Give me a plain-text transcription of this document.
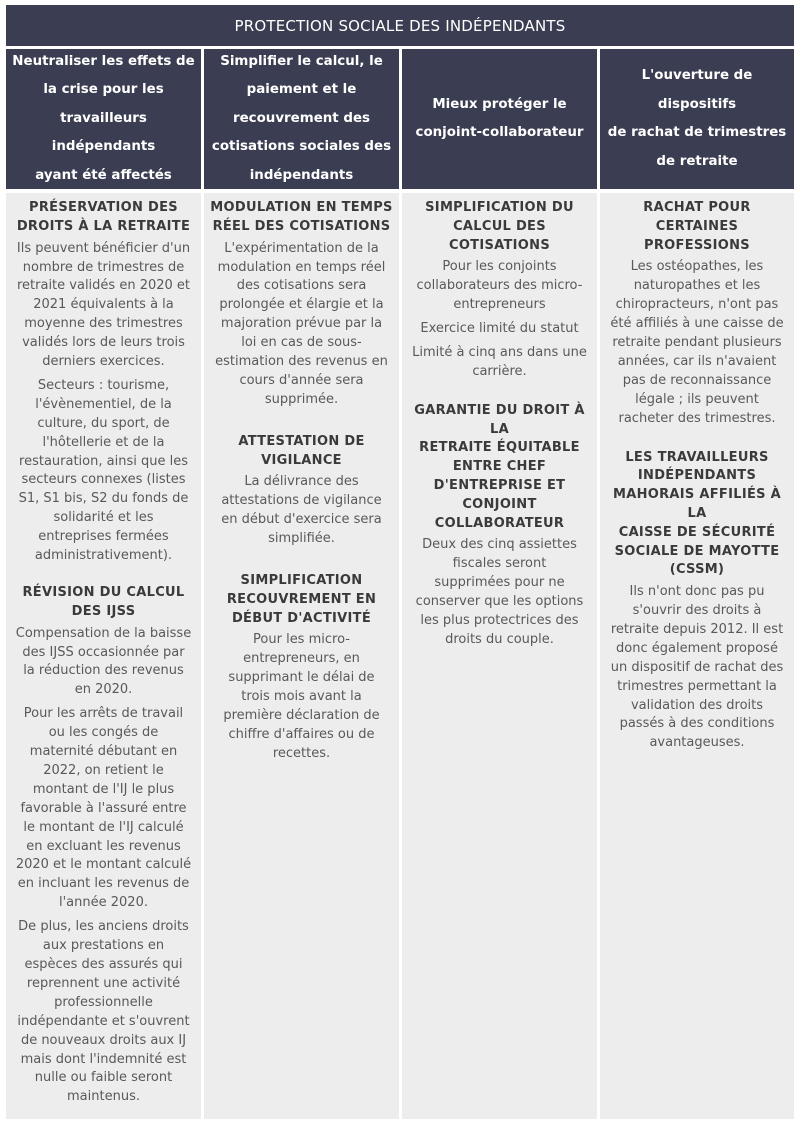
PROTECTION SOCIALE DES INDÉPENDANTS
Neutraliser les effets de
la crise pour les
travailleurs indépendants
ayant été affectés
PRÉSERVATION DES
DROITS À LA RETRAITE
Ils peuvent bénéficier d'un
nombre de trimestres de
retraite validés en 2020 et
2021 équivalents à la
moyenne des trimestres
validés lors de leurs trois
derniers exercices.
Secteurs : tourisme,
l'évènementiel, de la
culture, du sport, de
l'hôtellerie et de la
restauration, ainsi que les
secteurs connexes (listes
S1, S1 bis, S2 du fonds de
solidarité et les
entreprises fermées
administrativement).
RÉVISION DU CALCUL
DES IJSS
Compensation de la baisse
des IJSS occasionnée par
la réduction des revenus
en 2020.
Pour les arrêts de travail
ou les congés de
maternité débutant en
2022, on retient le
montant de l'IJ le plus
favorable à l'assuré entre
le montant de l'IJ calculé
en excluant les revenus
2020 et le montant calculé
en incluant les revenus de
l'année 2020.
De plus, les anciens droits
aux prestations en
espèces des assurés qui
reprennent une activité
professionnelle
indépendante et s'ouvrent
de nouveaux droits aux IJ
mais dont l'indemnité est
nulle ou faible seront
maintenus.
Simplifier le calcul, le
paiement et le
recouvrement des
cotisations sociales des
indépendants
MODULATION EN TEMPS
RÉEL DES COTISATIONS
L'expérimentation de la
modulation en temps réel
des cotisations sera
prolongée et élargie et la
majoration prévue par la
loi en cas de sous-
estimation des revenus en
cours d'année sera
supprimée.
ATTESTATION DE
VIGILANCE
La délivrance des
attestations de vigilance
en début d'exercice sera
simplifiée.
SIMPLIFICATION
RECOUVREMENT EN
DÉBUT D'ACTIVITÉ
Pour les micro-
entrepreneurs, en
supprimant le délai de
trois mois avant la
première déclaration de
chiffre d'affaires ou de
recettes.
Mieux protéger le
conjoint-collaborateur
SIMPLIFICATION DU
CALCUL DES
COTISATIONS
Pour les conjoints
collaborateurs des micro-
entrepreneurs
Exercice limité du statut
Limité à cinq ans dans une
carrière.
GARANTIE DU DROIT À LA
RETRAITE ÉQUITABLE
ENTRE CHEF
D'ENTREPRISE ET
CONJOINT
COLLABORATEUR
Deux des cinq assiettes
fiscales seront
supprimées pour ne
conserver que les options
les plus protectrices des
droits du couple.
L'ouverture de dispositifs
de rachat de trimestres
de retraite
RACHAT POUR
CERTAINES
PROFESSIONS
Les ostéopathes, les
naturopathes et les
chiropracteurs, n'ont pas
été affiliés à une caisse de
retraite pendant plusieurs
années, car ils n'avaient
pas de reconnaissance
légale ; ils peuvent
racheter des trimestres.
LES TRAVAILLEURS
INDÉPENDANTS
MAHORAIS AFFILIÉS À LA
CAISSE DE SÉCURITÉ
SOCIALE DE MAYOTTE
(CSSM)
Ils n'ont donc pas pu
s'ouvrir des droits à
retraite depuis 2012. Il est
donc également proposé
un dispositif de rachat des
trimestres permettant la
validation des droits
passés à des conditions
avantageuses.
